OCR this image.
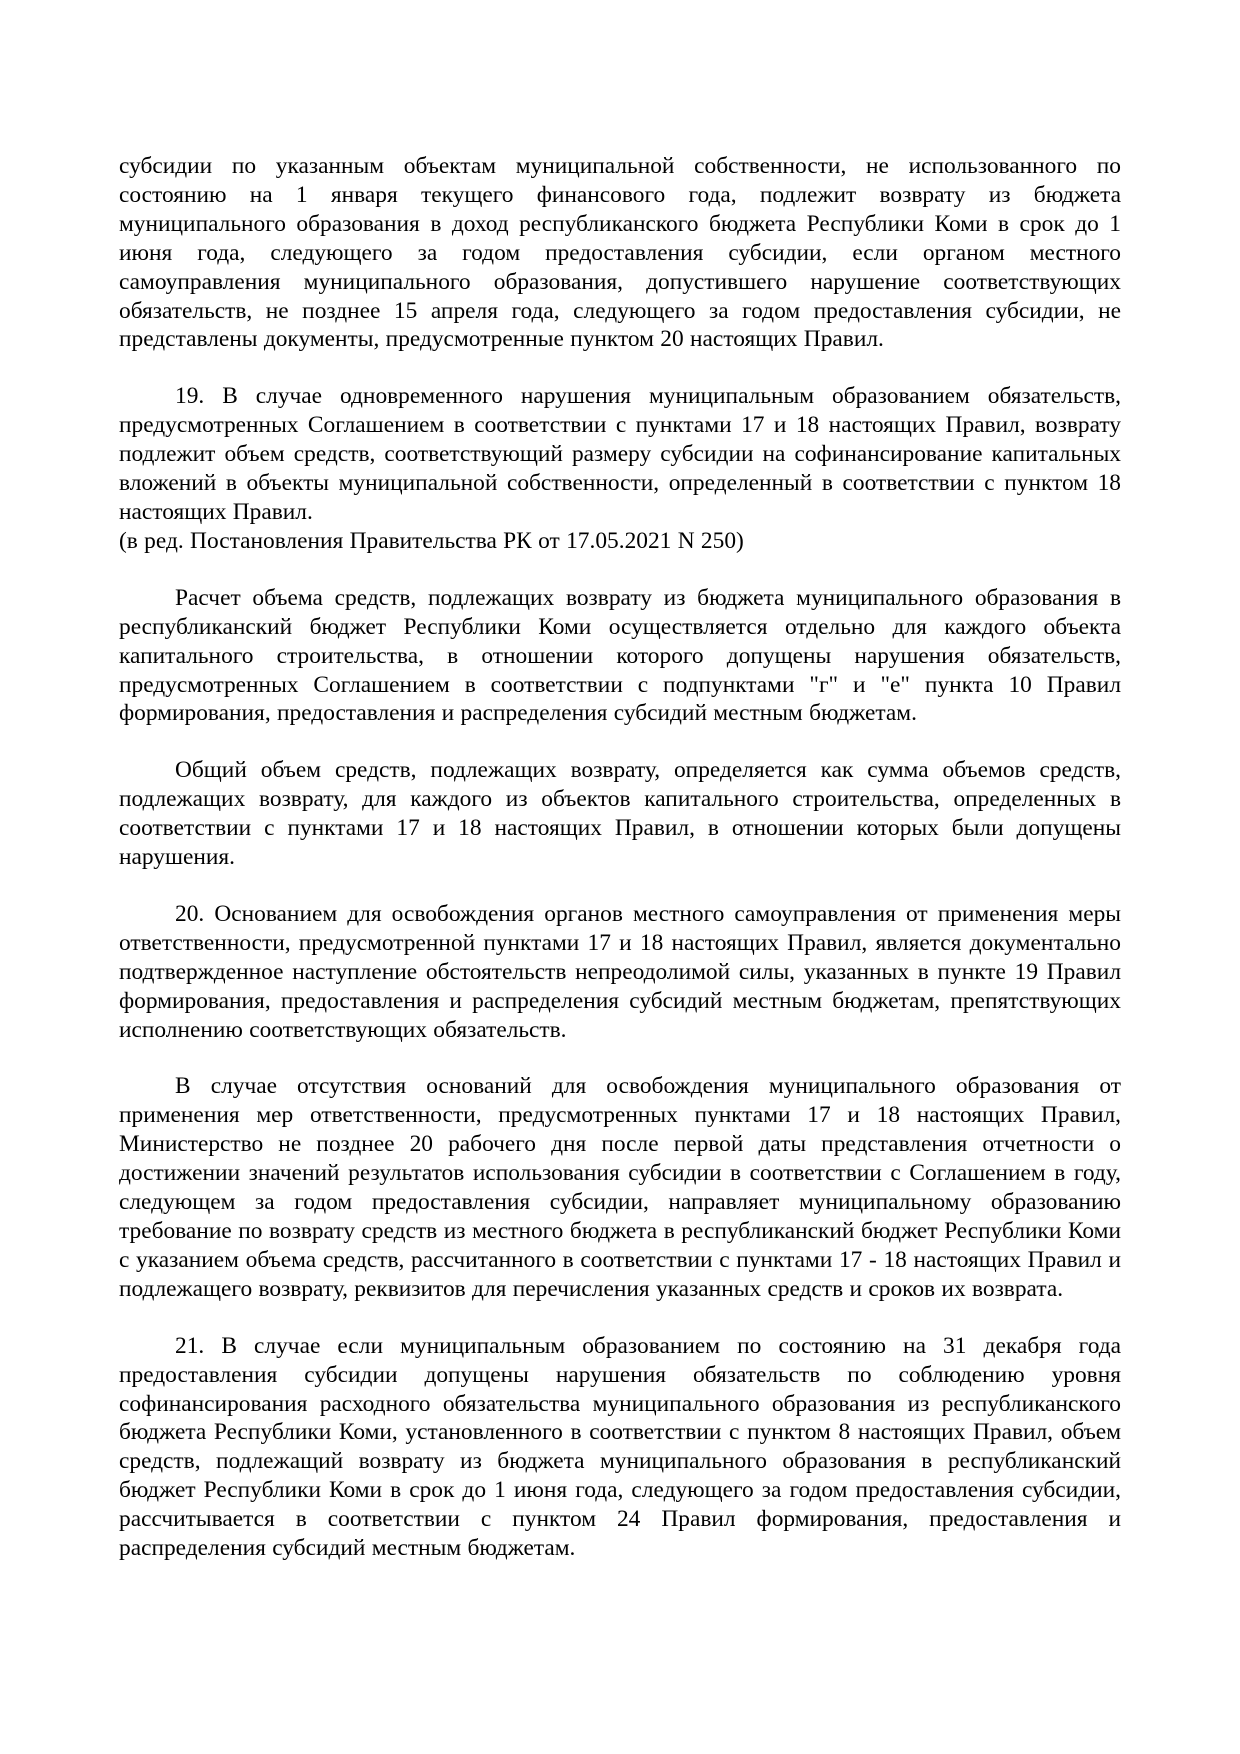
субсидии по указанным объектам муниципальной собственности, не использованного по состоянию на 1 января текущего финансового года, подлежит возврату из бюджета муниципального образования в доход республиканского бюджета Республики Коми в срок до 1 июня года, следующего за годом предоставления субсидии, если органом местного самоуправления муниципального образования, допустившего нарушение соответствующих обязательств, не позднее 15 апреля года, следующего за годом предоставления субсидии, не представлены документы, предусмотренные пунктом 20 настоящих Правил.

19. В случае одновременного нарушения муниципальным образованием обязательств, предусмотренных Соглашением в соответствии с пунктами 17 и 18 настоящих Правил, возврату подлежит объем средств, соответствующий размеру субсидии на софинансирование капитальных вложений в объекты муниципальной собственности, определенный в соответствии с пунктом 18 настоящих Правил.

(в ред. Постановления Правительства РК от 17.05.2021 N 250)

Расчет объема средств, подлежащих возврату из бюджета муниципального образования в республиканский бюджет Республики Коми осуществляется отдельно для каждого объекта капитального строительства, в отношении которого допущены нарушения обязательств, предусмотренных Соглашением в соответствии с подпунктами "г" и "е" пункта 10 Правил формирования, предоставления и распределения субсидий местным бюджетам.

Общий объем средств, подлежащих возврату, определяется как сумма объемов средств, подлежащих возврату, для каждого из объектов капитального строительства, определенных в соответствии с пунктами 17 и 18 настоящих Правил, в отношении которых были допущены нарушения.

20. Основанием для освобождения органов местного самоуправления от применения меры ответственности, предусмотренной пунктами 17 и 18 настоящих Правил, является документально подтвержденное наступление обстоятельств непреодолимой силы, указанных в пункте 19 Правил формирования, предоставления и распределения субсидий местным бюджетам, препятствующих исполнению соответствующих обязательств.

В случае отсутствия оснований для освобождения муниципального образования от применения мер ответственности, предусмотренных пунктами 17 и 18 настоящих Правил, Министерство не позднее 20 рабочего дня после первой даты представления отчетности о достижении значений результатов использования субсидии в соответствии с Соглашением в году, следующем за годом предоставления субсидии, направляет муниципальному образованию требование по возврату средств из местного бюджета в республиканский бюджет Республики Коми с указанием объема средств, рассчитанного в соответствии с пунктами 17 - 18 настоящих Правил и подлежащего возврату, реквизитов для перечисления указанных средств и сроков их возврата.

21. В случае если муниципальным образованием по состоянию на 31 декабря года предоставления субсидии допущены нарушения обязательств по соблюдению уровня софинансирования расходного обязательства муниципального образования из республиканского бюджета Республики Коми, установленного в соответствии с пунктом 8 настоящих Правил, объем средств, подлежащий возврату из бюджета муниципального образования в республиканский бюджет Республики Коми в срок до 1 июня года, следующего за годом предоставления субсидии, рассчитывается в соответствии с пунктом 24 Правил формирования, предоставления и распределения субсидий местным бюджетам.
